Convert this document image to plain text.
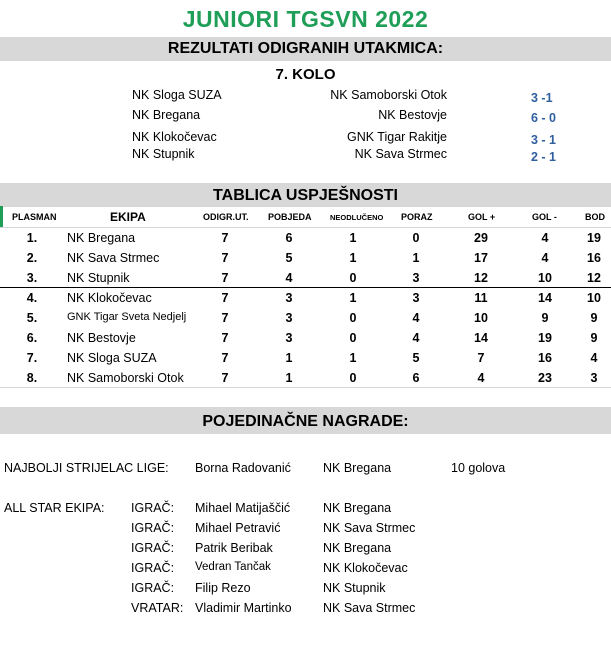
JUNIORI TGSVN 2022
REZULTATI ODIGRANIH UTAKMICA:
7. KOLO
NK Sloga SUZA	NK Samoborski Otok	3 -1
NK Bregana	NK Bestovje	6 - 0
NK Klokočevac	GNK Tigar Rakitje	3 - 1
NK Stupnik	NK Sava Strmec	2 - 1
TABLICA USPJEŠNOSTI
PLASMAN	EKIPA	ODIGR.UT. POBJEDA NEODLUČENO PORAZ	GOL +	GOL -	BOD
1.	NK Bregana	7	6	1	0	29	4	19
2.	NK Sava Strmec	7	5	1	1	17	4	16
3.	NK Stupnik	7	4	0	3	12	10	12
4.	NK Klokočevac	7	3	1	3	11	14	10
5.	GNK Tigar Sveta Nedjelj	7	3	0	4	10	9	9
6.	NK Bestovje	7	3	0	4	14	19	9
7.	NK Sloga SUZA	7	1	1	5	7	16	4
8.	NK Samoborski Otok	7	1	0	6	4	23	3
POJEDINAČNE NAGRADE:
NAJBOLJI STRIJELAC LIGE: Borna Radovanić	NK Bregana	10 golova
ALL STAR EKIPA: IGRAČ: Mihael Matijaščić	NK Bregana
IGRAČ: Mihael Petravić	NK Sava Strmec
IGRAČ: Patrik Beribak	NK Bregana
IGRAČ: Vedran Tančak	NK Klokočevac
IGRAČ: Filip Rezo	NK Stupnik
VRATAR: Vladimir Martinko	NK Sava Strmec
